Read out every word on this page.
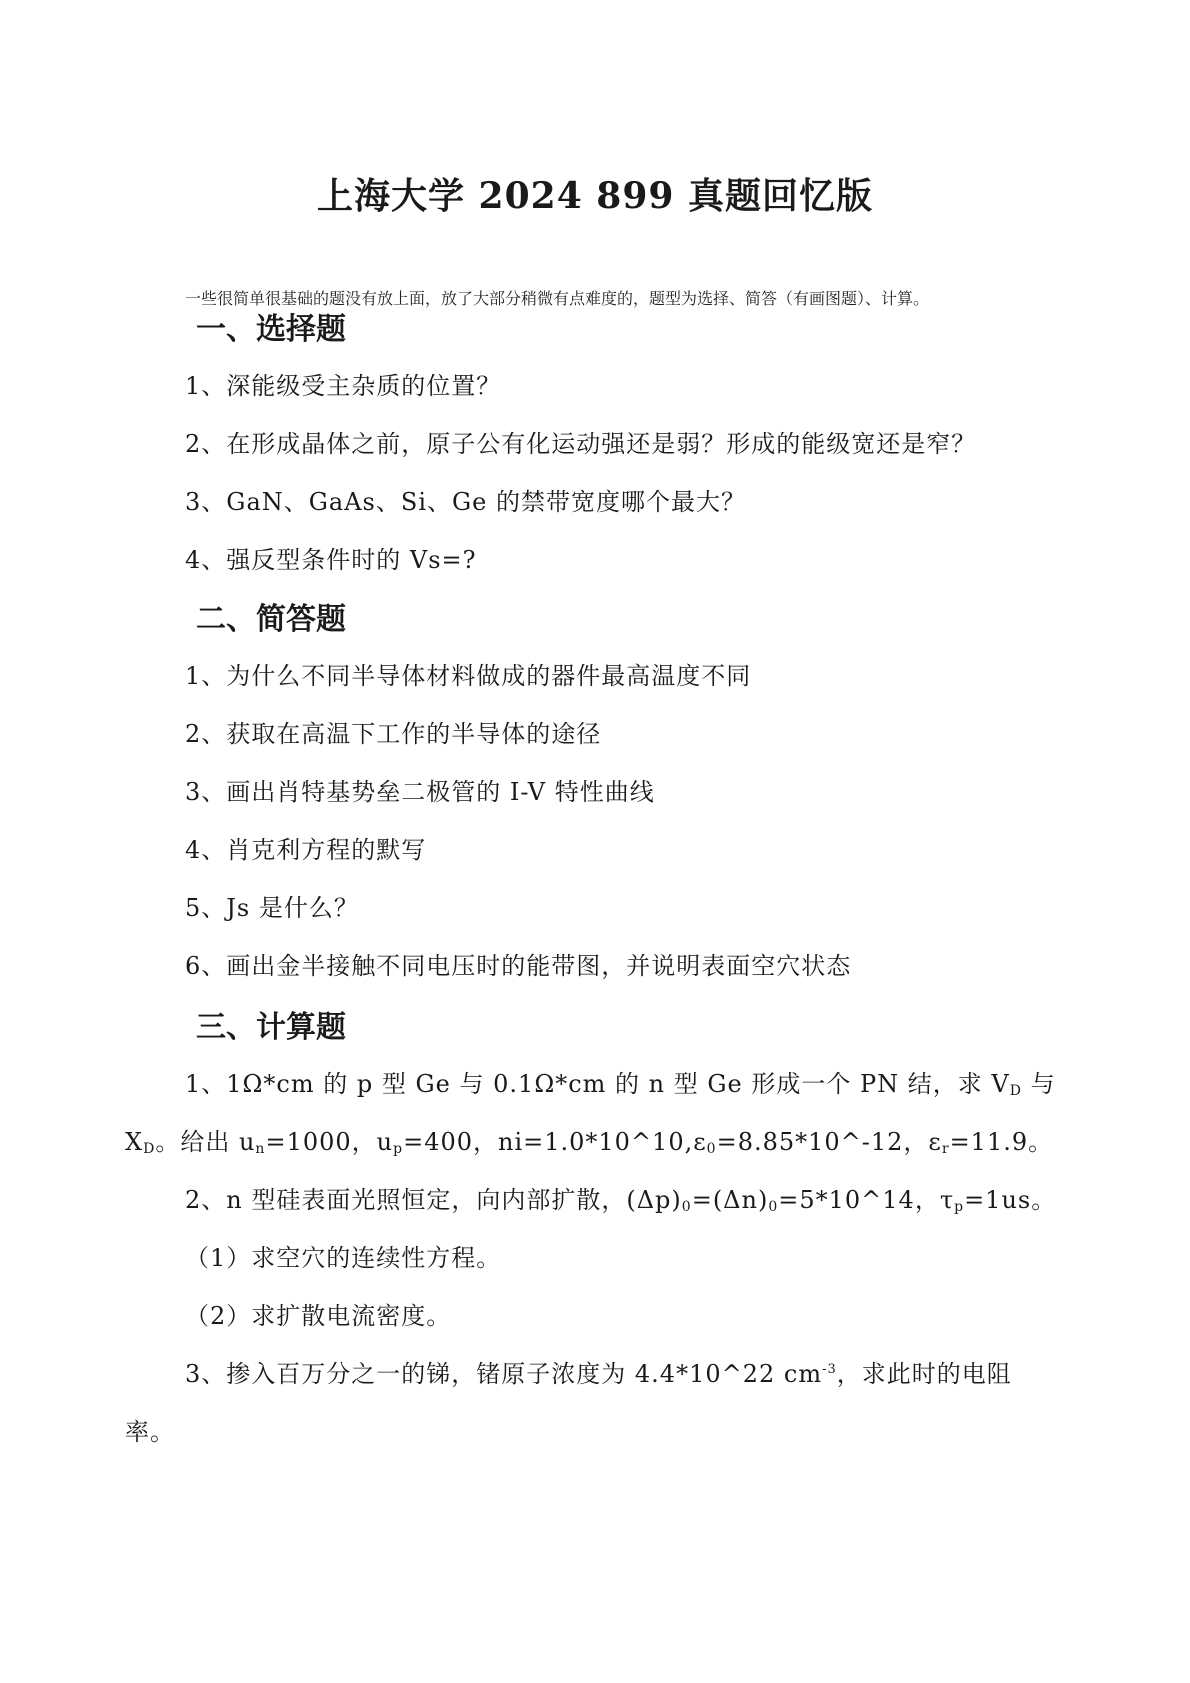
上海大学 2024 899 真题回忆版
一些很简单很基础的题没有放上面，放了大部分稍微有点难度的，题型为选择、简答（有画图题）、计算。
一、选择题
1、深能级受主杂质的位置？
2、在形成晶体之前，原子公有化运动强还是弱？形成的能级宽还是窄？
3、GaN、GaAs、Si、Ge 的禁带宽度哪个最大？
4、强反型条件时的 Vs=?
二、简答题
1、为什么不同半导体材料做成的器件最高温度不同
2、获取在高温下工作的半导体的途径
3、画出肖特基势垒二极管的 I-V 特性曲线
4、肖克利方程的默写
5、Js 是什么？
6、画出金半接触不同电压时的能带图，并说明表面空穴状态
三、计算题
1、1Ω*cm 的 p 型 Ge 与 0.1Ω*cm 的 n 型 Ge 形成一个 PN 结，求 $V_D$ 与
$X_D$。给出 $u_n=1000$，$u_p=400$，$ni=1.0*10\^{}10,\varepsilon_0=8.85*10\^{}-12$，$\varepsilon_r=11.9$。
2、n 型硅表面光照恒定，向内部扩散，$(\Delta p)_0=(\Delta n)_0=5*10\^{}14$，$\tau_p=1us$。
（1）求空穴的连续性方程。
（2）求扩散电流密度。
3、掺入百万分之一的锑，锗原子浓度为 4.4*10^22 $cm^{-3}$，求此时的电阻
率。
